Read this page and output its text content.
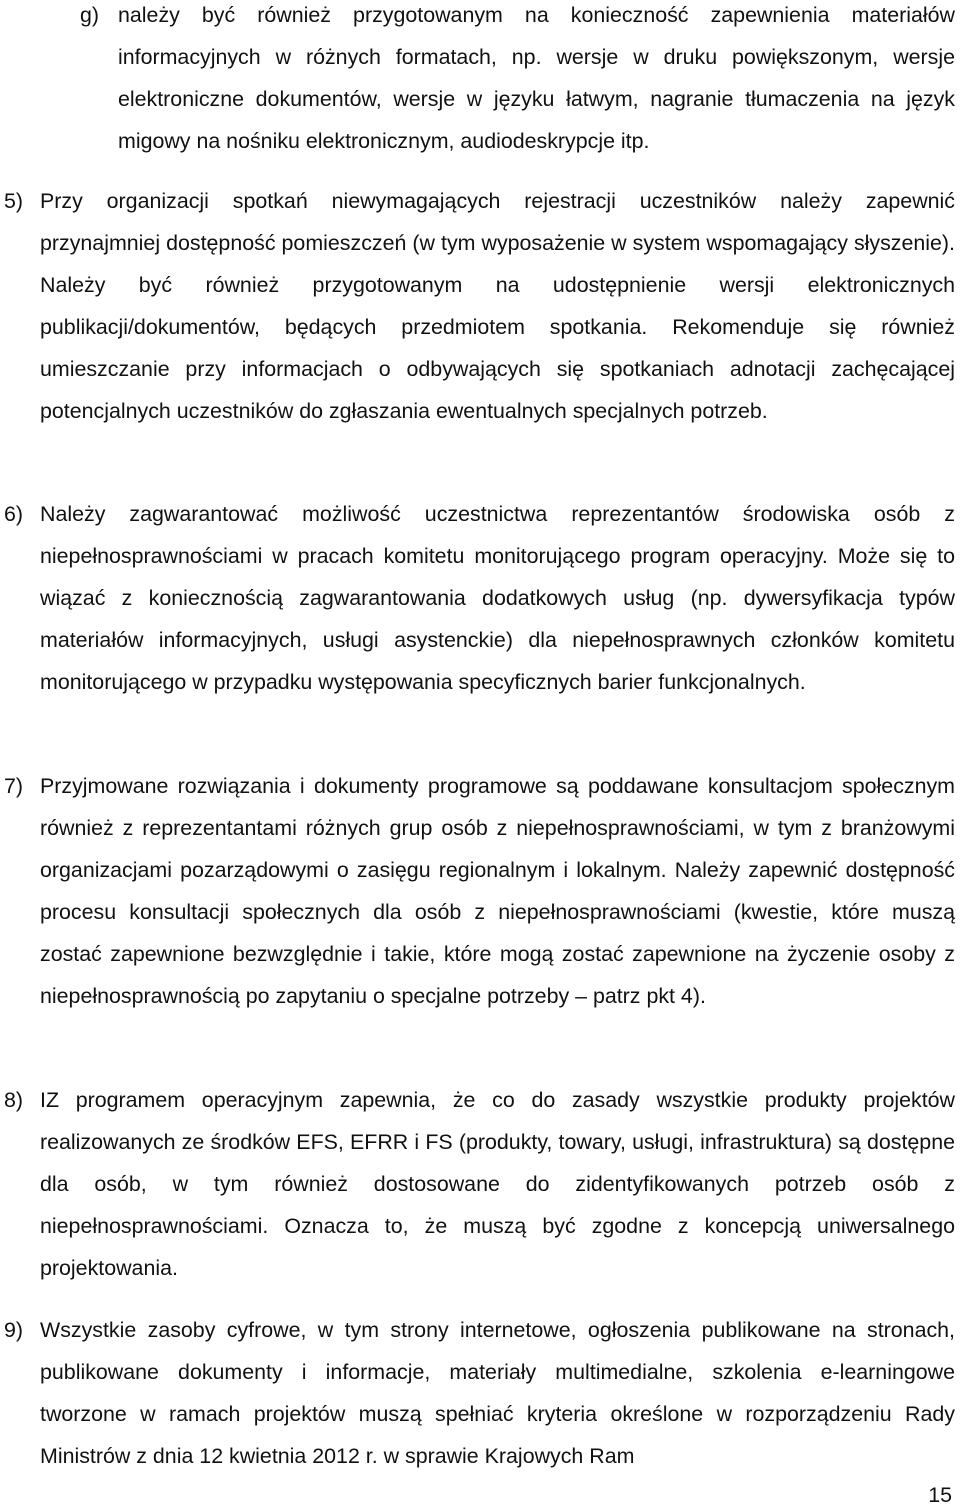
g) należy być również przygotowanym na konieczność zapewnienia materiałów informacyjnych w różnych formatach, np. wersje w druku powiększonym, wersje elektroniczne dokumentów, wersje w języku łatwym, nagranie tłumaczenia na język migowy na nośniku elektronicznym, audiodeskrypcje itp.

5) Przy organizacji spotkań niewymagających rejestracji uczestników należy zapewnić przynajmniej dostępność pomieszczeń (w tym wyposażenie w system wspomagający słyszenie). Należy być również przygotowanym na udostępnienie wersji elektronicznych publikacji/dokumentów, będących przedmiotem spotkania. Rekomenduje się również umieszczanie przy informacjach o odbywających się spotkaniach adnotacji zachęcającej potencjalnych uczestników do zgłaszania ewentualnych specjalnych potrzeb.

6) Należy zagwarantować możliwość uczestnictwa reprezentantów środowiska osób z niepełnosprawnościami w pracach komitetu monitorującego program operacyjny. Może się to wiązać z koniecznością zagwarantowania dodatkowych usług (np. dywersyfikacja typów materiałów informacyjnych, usługi asystenckie) dla niepełnosprawnych członków komitetu monitorującego w przypadku występowania specyficznych barier funkcjonalnych.

7) Przyjmowane rozwiązania i dokumenty programowe są poddawane konsultacjom społecznym również z reprezentantami różnych grup osób z niepełnosprawnościami, w tym z branżowymi organizacjami pozarządowymi o zasięgu regionalnym i lokalnym. Należy zapewnić dostępność procesu konsultacji społecznych dla osób z niepełnosprawnościami (kwestie, które muszą zostać zapewnione bezwzględnie i takie, które mogą zostać zapewnione na życzenie osoby z niepełnosprawnością po zapytaniu o specjalne potrzeby – patrz pkt 4).

8) IZ programem operacyjnym zapewnia, że co do zasady wszystkie produkty projektów realizowanych ze środków EFS, EFRR i FS (produkty, towary, usługi, infrastruktura) są dostępne dla osób, w tym również dostosowane do zidentyfikowanych potrzeb osób z niepełnosprawnościami. Oznacza to, że muszą być zgodne z koncepcją uniwersalnego projektowania.

9) Wszystkie zasoby cyfrowe, w tym strony internetowe, ogłoszenia publikowane na stronach, publikowane dokumenty i informacje, materiały multimedialne, szkolenia e-learningowe tworzone w ramach projektów muszą spełniać kryteria określone w rozporządzeniu Rady Ministrów z dnia 12 kwietnia 2012 r. w sprawie Krajowych Ram

15
